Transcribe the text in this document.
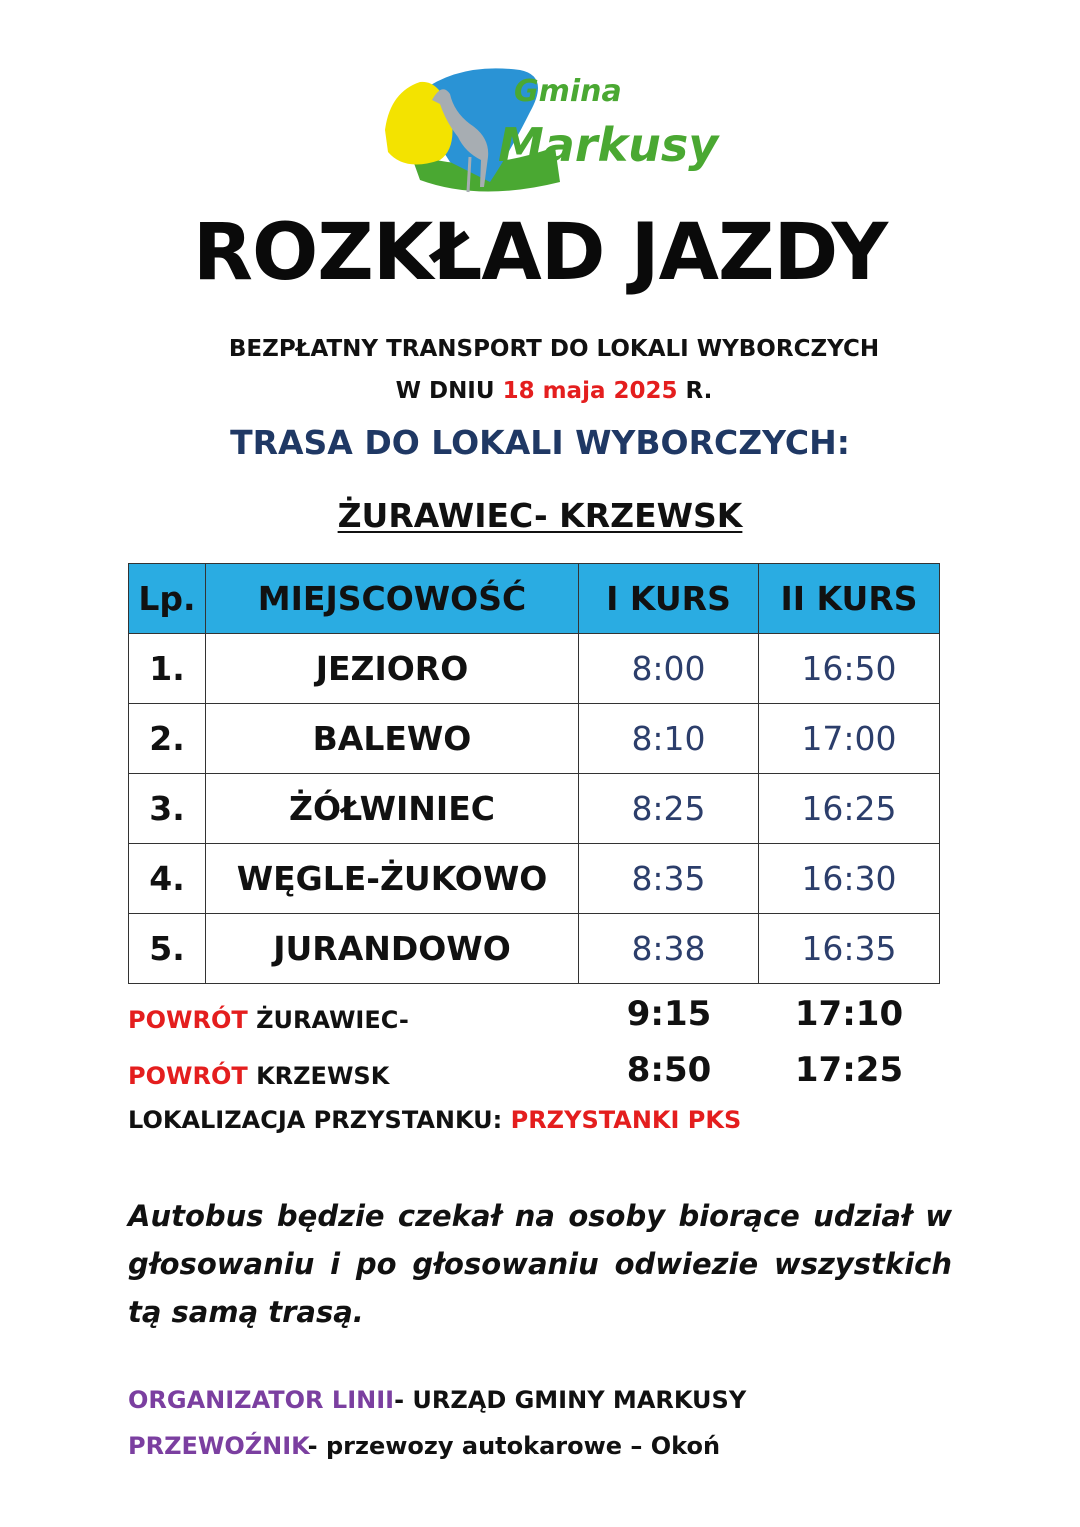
Gmina
Markusy
ROZKŁAD JAZDY
BEZPŁATNY TRANSPORT DO LOKALI WYBORCZYCH
W DNIU 18 maja 2025 R.
TRASA DO LOKALI WYBORCZYCH:
ŻURAWIEC- KRZEWSK
Lp.	MIEJSCOWOŚĆ	I KURS	II KURS
1.	JEZIORO	8:00	16:50
2.	BALEWO	8:10	17:00
3.	ŻÓŁWINIEC	8:25	16:25
4.	WĘGLE-ŻUKOWO	8:35	16:30
5.	JURANDOWO	8:38	16:35
POWRÓT ŻURAWIEC-	9:15	17:10
POWRÓT KRZEWSK	8:50	17:25
LOKALIZACJA PRZYSTANKU: PRZYSTANKI PKS

Autobus będzie czekał na osoby biorące udział w głosowaniu i po głosowaniu odwiezie wszystkich tą samą trasą.

ORGANIZATOR LINII- URZĄD GMINY MARKUSY
PRZEWOŹNIK- przewozy autokarowe – Okoń
